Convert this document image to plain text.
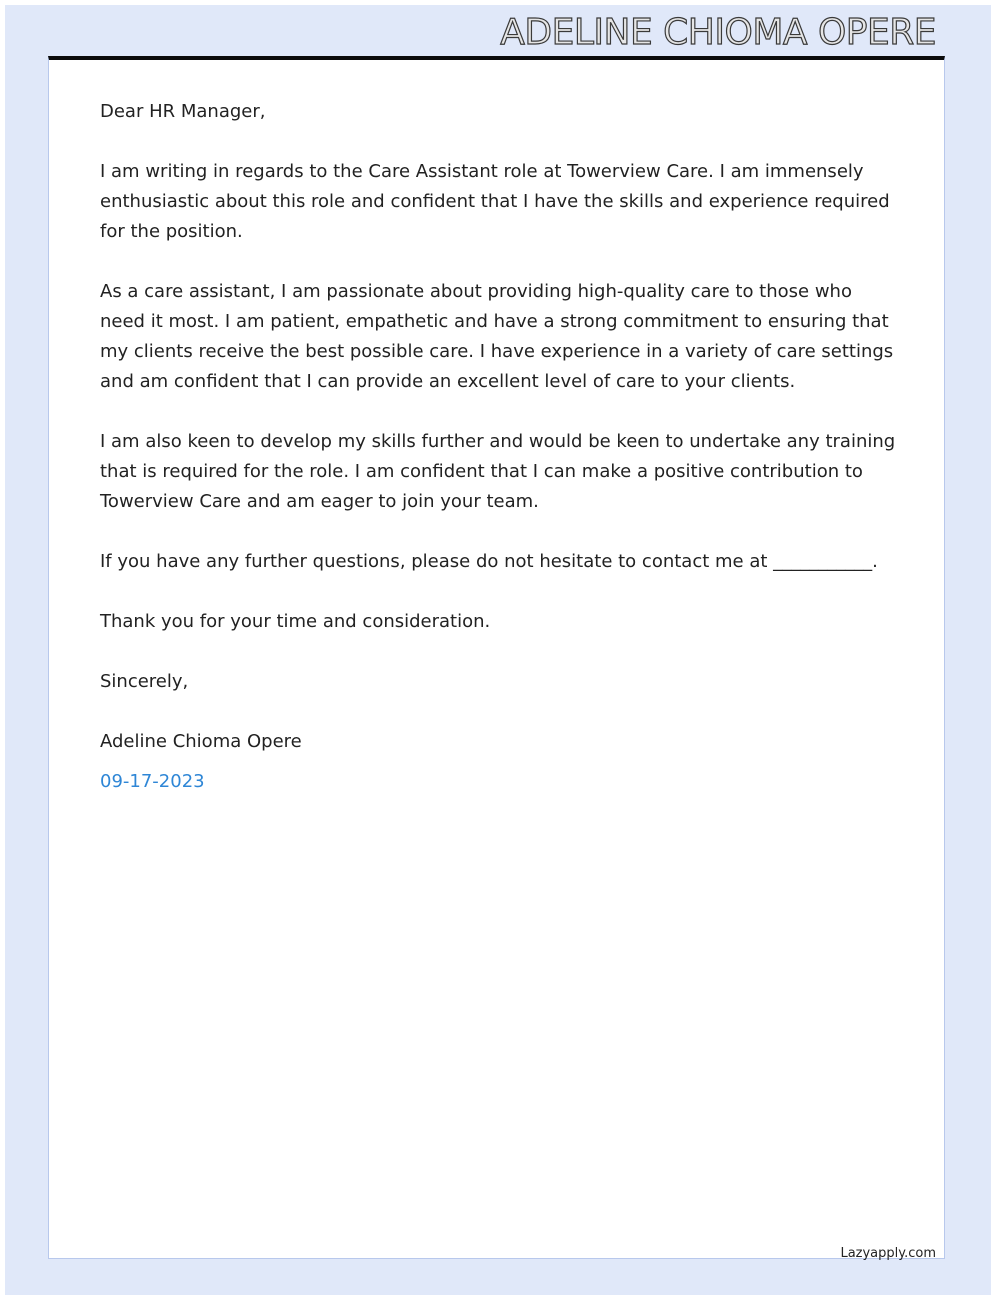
ADELINE CHIOMA OPERE

Dear HR Manager,

I am writing in regards to the Care Assistant role at Towerview Care. I am immensely enthusiastic about this role and confident that I have the skills and experience required for the position.

As a care assistant, I am passionate about providing high-quality care to those who need it most. I am patient, empathetic and have a strong commitment to ensuring that my clients receive the best possible care. I have experience in a variety of care settings and am confident that I can provide an excellent level of care to your clients.

I am also keen to develop my skills further and would be keen to undertake any training that is required for the role. I am confident that I can make a positive contribution to Towerview Care and am eager to join your team.

If you have any further questions, please do not hesitate to contact me at ___________.

Thank you for your time and consideration.

Sincerely,

Adeline Chioma Opere

09-17-2023

Lazyapply.com
